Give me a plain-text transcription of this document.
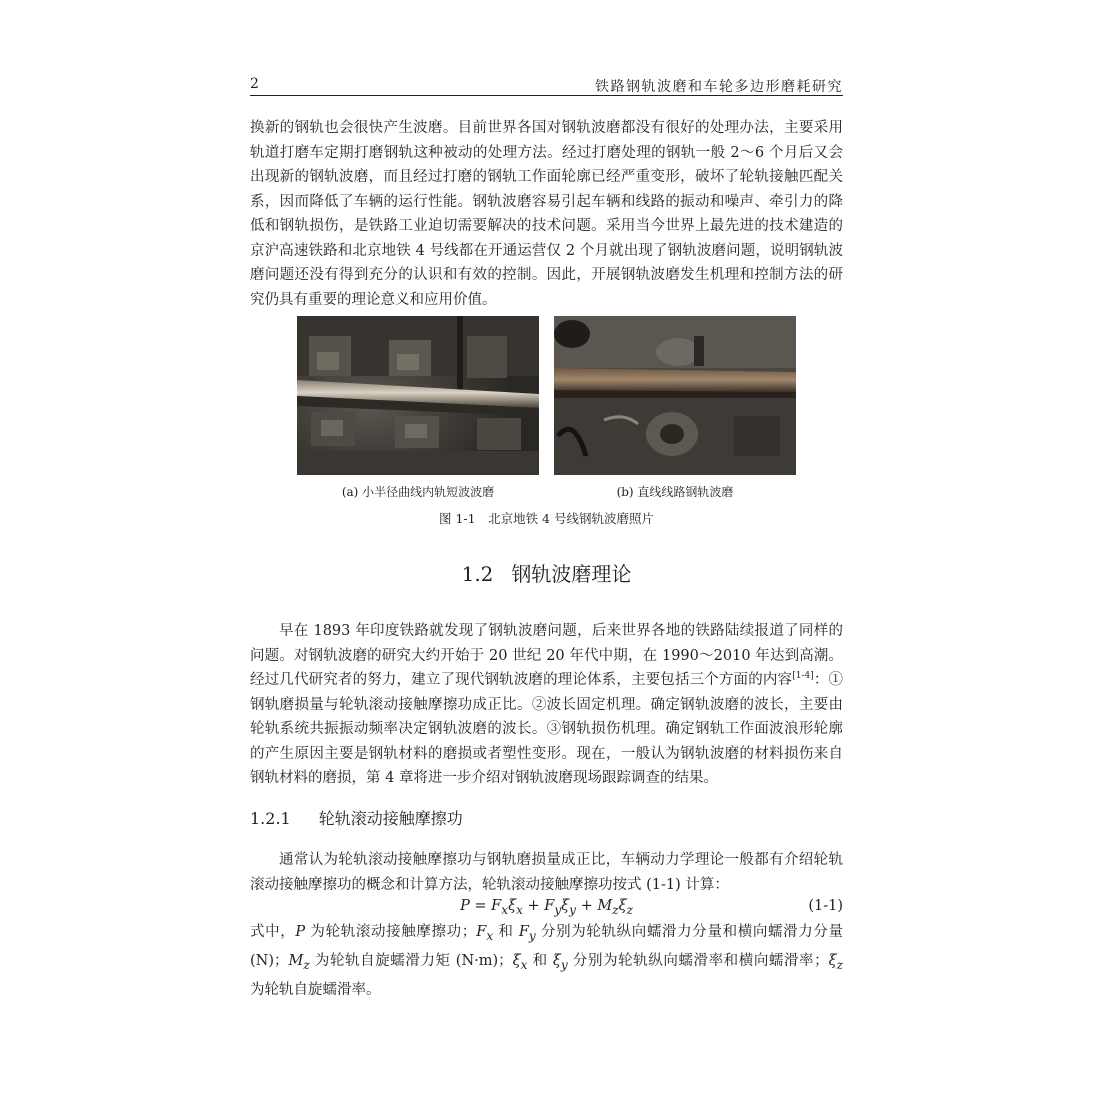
2	铁路钢轨波磨和车轮多边形磨耗研究

换新的钢轨也会很快产生波磨。目前世界各国对钢轨波磨都没有很好的处理办法，主要采用轨道打磨车定期打磨钢轨这种被动的处理方法。经过打磨处理的钢轨一般 2～6 个月后又会出现新的钢轨波磨，而且经过打磨的钢轨工作面轮廓已经严重变形，破坏了轮轨接触匹配关系，因而降低了车辆的运行性能。钢轨波磨容易引起车辆和线路的振动和噪声、牵引力的降低和钢轨损伤，是铁路工业迫切需要解决的技术问题。采用当今世界上最先进的技术建造的京沪高速铁路和北京地铁 4 号线都在开通运营仅 2 个月就出现了钢轨波磨问题，说明钢轨波磨问题还没有得到充分的认识和有效的控制。因此，开展钢轨波磨发生机理和控制方法的研究仍具有重要的理论意义和应用价值。

(a) 小半径曲线内轨短波波磨	(b) 直线线路钢轨波磨
图 1-1　北京地铁 4 号线钢轨波磨照片
1.2 钢轨波磨理论

早在 1893 年印度铁路就发现了钢轨波磨问题，后来世界各地的铁路陆续报道了同样的问题。对钢轨波磨的研究大约开始于 20 世纪 20 年代中期，在 1990～2010 年达到高潮。经过几代研究者的努力，建立了现代钢轨波磨的理论体系，主要包括三个方面的内容[1-4]：①钢轨磨损量与轮轨滚动接触摩擦功成正比。②波长固定机理。确定钢轨波磨的波长，主要由轮轨系统共振振动频率决定钢轨波磨的波长。③钢轨损伤机理。确定钢轨工作面波浪形轮廓的产生原因主要是钢轨材料的磨损或者塑性变形。现在，一般认为钢轨波磨的材料损伤来自钢轨材料的磨损，第 4 章将进一步介绍对钢轨波磨现场跟踪调查的结果。

1.2.1 轮轨滚动接触摩擦功

通常认为轮轨滚动接触摩擦功与钢轨磨损量成正比，车辆动力学理论一般都有介绍轮轨滚动接触摩擦功的概念和计算方法，轮轨滚动接触摩擦功按式 (1-1) 计算：

$P = F_x\xi_x + F_y\xi_y + M_z\xi_z$	(1-1)

式中，P 为轮轨滚动接触摩擦功；$F_x$ 和 $F_y$ 分别为轮轨纵向蠕滑力分量和横向蠕滑力分量 (N)；$M_z$ 为轮轨自旋蠕滑力矩 (N·m)；$\xi_x$ 和 $\xi_y$ 分别为轮轨纵向蠕滑率和横向蠕滑率；$\xi_z$ 为轮轨自旋蠕滑率。
